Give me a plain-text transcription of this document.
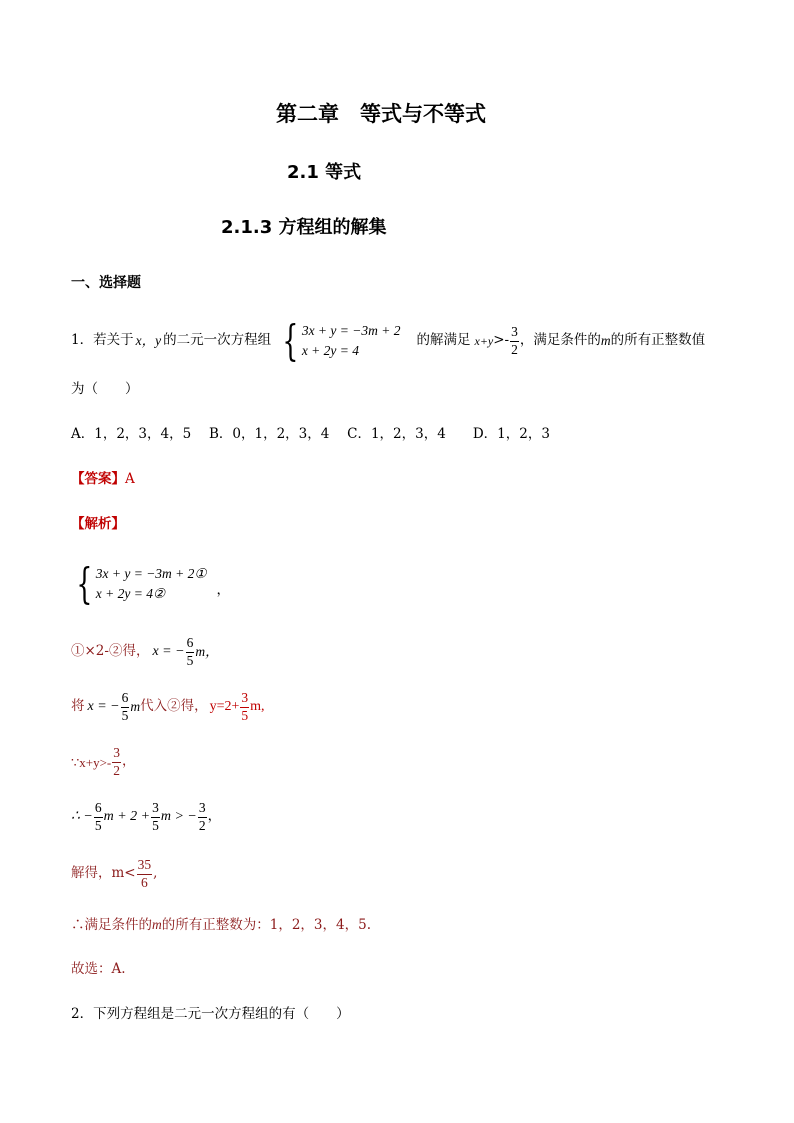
第二章　等式与不等式
2.1 等式
2.1.3 方程组的解集
一、选择题
1．若关于 x，y 的二元一次方程组 { 3x + y = −3m + 2
x + 2y = 4
的解满足 $x+y >- \frac{3}{2}$ ，满足条件的 m 的所有正整数值
为（　　）
A．1，2，3，4，5　 B．0，1，2，3，4　 C．1，2，3，4　　D．1，2，3
【答案】A
【解析】
{ 3x + y = −3m + 2①
x + 2y = 4②	，
①×2-②得， x = − $\frac{6}{5}$ m，
将 x = − $\frac{6}{5}$ m 代入②得， $y=2+ \frac{3}{5} m$,
∵x+y>- $\frac{3}{2}$ ，
∴ − $\frac{6}{5}$ $m + 2 + \frac{3}{5}$ m > − $\frac{3}{2}$ ，
解得，$m< \frac{35}{6}$ ,
∴满足条件的m的所有正整数为：1，2，3，4，5.
故选：A.
2．下列方程组是二元一次方程组的有（　　）
